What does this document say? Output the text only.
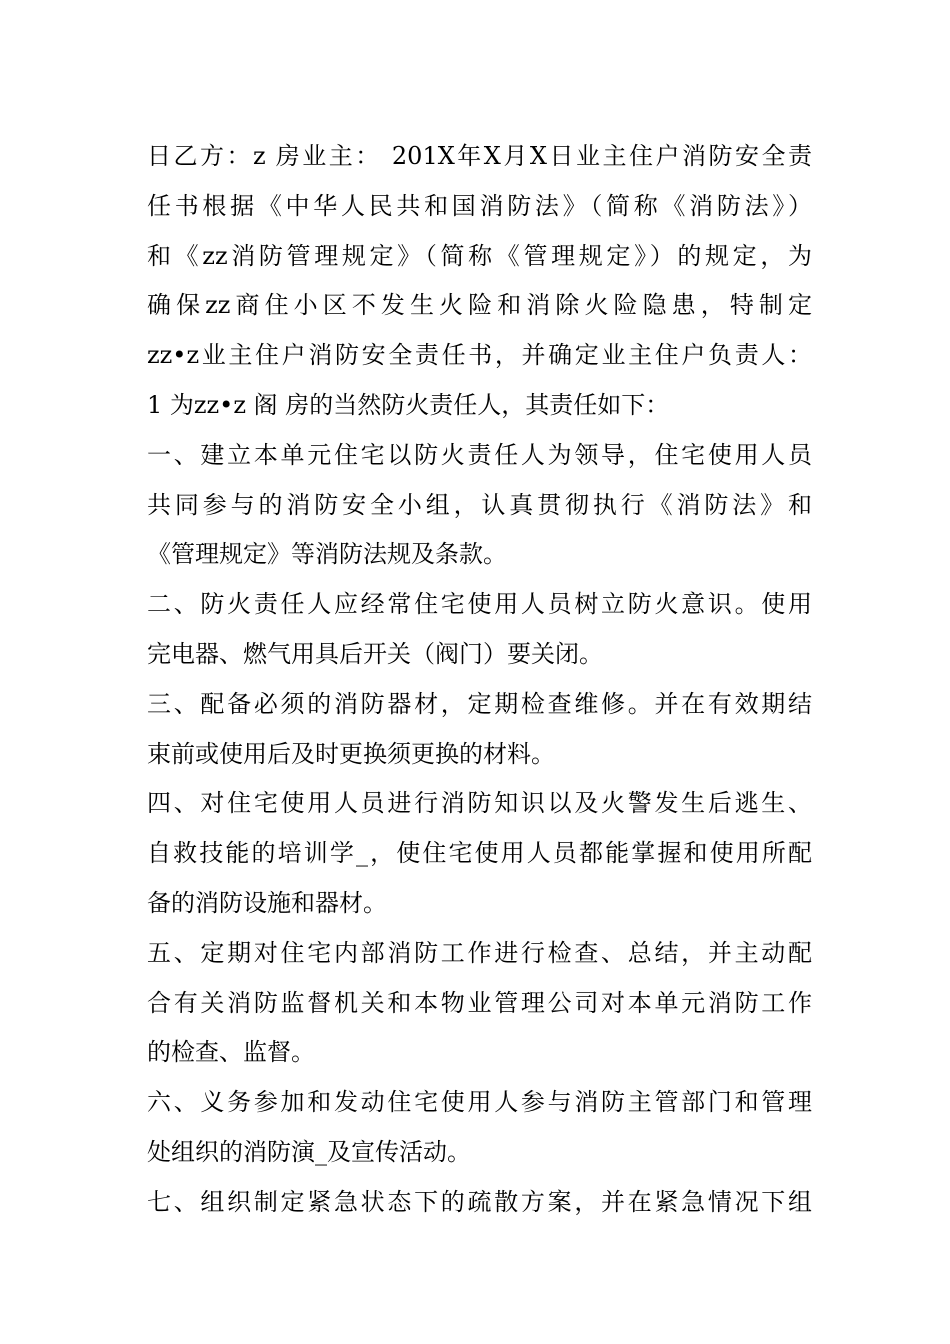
日乙方：z 房业主： 201X年X月X日业主住户消防安全责
任书根据《中华人民共和国消防法》（简称《消防法》）
和《zz消防管理规定》（简称《管理规定》）的规定，为
确保zz商住小区不发生火险和消除火险隐患，特制定
zz•z业主住户消防安全责任书，并确定业主住户负责人：
1 为zz•z 阁 房的当然防火责任人，其责任如下：
一、建立本单元住宅以防火责任人为领导，住宅使用人员
共同参与的消防安全小组，认真贯彻执行《消防法》和
《管理规定》等消防法规及条款。
二、防火责任人应经常住宅使用人员树立防火意识。使用
完电器、燃气用具后开关（阀门）要关闭。
三、配备必须的消防器材，定期检查维修。并在有效期结
束前或使用后及时更换须更换的材料。
四、对住宅使用人员进行消防知识以及火警发生后逃生、
自救技能的培训学_，使住宅使用人员都能掌握和使用所配
备的消防设施和器材。
五、定期对住宅内部消防工作进行检查、总结，并主动配
合有关消防监督机关和本物业管理公司对本单元消防工作
的检查、监督。
六、义务参加和发动住宅使用人参与消防主管部门和管理
处组织的消防演_及宣传活动。
七、组织制定紧急状态下的疏散方案，并在紧急情况下组
